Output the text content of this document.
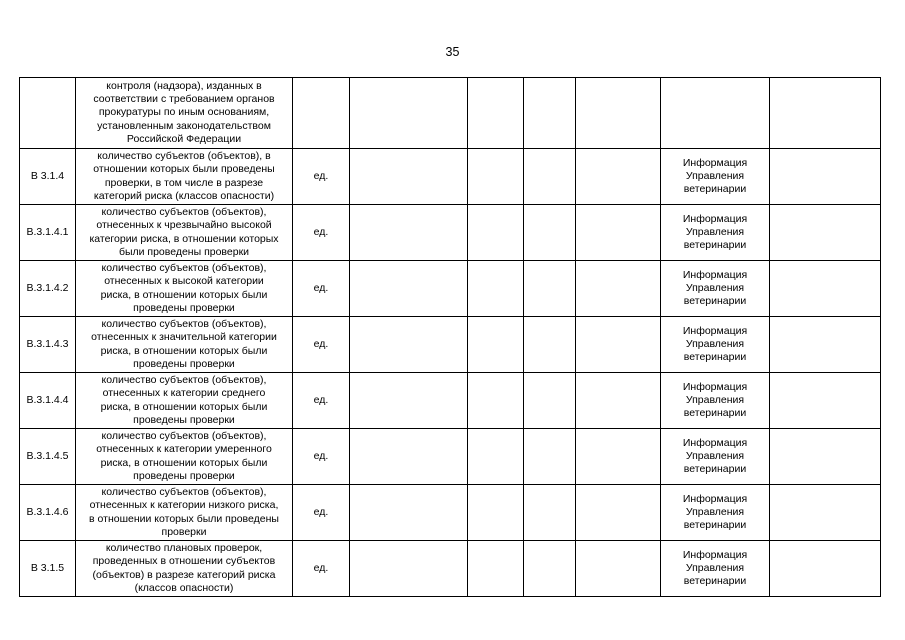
35

	контроля (надзора), изданных в
соответствии с требованием органов
прокуратуры по иным основаниям,
установленным законодательством
Российской Федерации							

В 3.1.4	количество субъектов (объектов), в
отношении которых были проведены
проверки, в том числе в разрезе
категорий риска (классов опасности)	ед.					Информация
Управления
ветеринарии	

В.3.1.4.1	количество субъектов (объектов),
отнесенных к чрезвычайно высокой
категории риска, в отношении которых
были проведены проверки	ед.					Информация
Управления
ветеринарии	

В.3.1.4.2	количество субъектов (объектов),
отнесенных к высокой категории
риска, в отношении которых были
проведены проверки	ед.					Информация
Управления
ветеринарии	

В.3.1.4.3	количество субъектов (объектов),
отнесенных к значительной категории
риска, в отношении которых были
проведены проверки	ед.					Информация
Управления
ветеринарии	

В.3.1.4.4	количество субъектов (объектов),
отнесенных к категории среднего
риска, в отношении которых были
проведены проверки	ед.					Информация
Управления
ветеринарии	

В.3.1.4.5	количество субъектов (объектов),
отнесенных к категории умеренного
риска, в отношении которых были
проведены проверки	ед.					Информация
Управления
ветеринарии	

В.3.1.4.6	количество субъектов (объектов),
отнесенных к категории низкого риска,
в отношении которых были проведены
проверки	ед.					Информация
Управления
ветеринарии	

В 3.1.5	количество плановых проверок,
проведенных в отношении субъектов
(объектов) в разрезе категорий риска
(классов опасности)	ед.					Информация
Управления
ветеринарии	
